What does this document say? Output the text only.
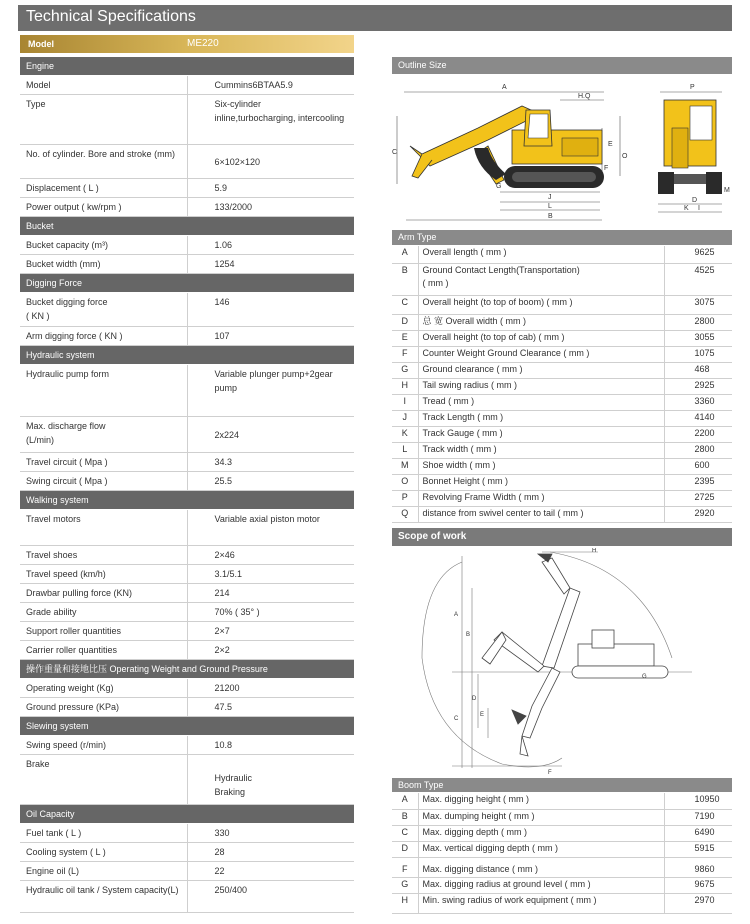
Technical Specifications
Model	ME220
Engine	
Model	Cummins6BTAA5.9
Type	Six-cylinder
inline,turbocharging, intercooling
No. of cylinder. Bore and stroke (mm)	6×102×120
Displacement ( L )	5.9
Power output ( kw/rpm )	133/2000
Bucket	
Bucket capacity (m³)	1.06
Bucket width (mm)	1254
Digging Force	
Bucket digging force
( KN )	146
Arm digging force ( KN )	107
Hydraulic system	
Hydraulic pump form	Variable plunger pump+2gear
pump
Max. discharge flow
(L/min)	2x224
Travel circuit ( Mpa )	34.3
Swing circuit ( Mpa )	25.5
Walking system	
Travel motors	Variable axial piston motor
Travel shoes	2×46
Travel speed (km/h)	3.1/5.1
Drawbar pulling force (KN)	214
Grade ability	70% ( 35° )
Support roller quantities	2×7
Carrier roller quantities	2×2
操作重量和接地比压 Operating Weight and Ground Pressure	
Operating weight (Kg)	21200
Ground pressure (KPa)	47.5
Slewing system	
Swing speed (r/min)	10.8
Brake	
Hydraulic
Braking
Oil Capacity	
Fuel tank ( L )	330
Cooling system ( L )	28
Engine oil (L)	22
Hydraulic oil tank / System capacity(L)	250/400
Outline Size
A
H.Q
C
E
O
F
G
J
L
B
P
D
K I
M
Arm Type
A	Overall length ( mm )	9625
B	Ground Contact Length(Transportation)
( mm )	4525
C	Overall height (to top of boom) ( mm )	3075
D	总 宽 Overall width ( mm )	2800
E	Overall height (to top of cab) ( mm )	3055
F	Counter Weight Ground Clearance ( mm )	1075
G	Ground clearance ( mm )	468
H	Tail swing radius ( mm )	2925
I	Tread ( mm )	3360
J	Track Length ( mm )	4140
K	Track Gauge ( mm )	2200
L	Track width ( mm )	2800
M	Shoe width ( mm )	600
O	Bonnet Height ( mm )	2395
P	Revolving Frame Width ( mm )	2725
Q	distance from swivel center to tail ( mm )	2920
Scope of work
H
A
B
C
D
E
F
G
Boom Type
A	Max. digging height ( mm )	10950
B	Max. dumping height ( mm )	7190
C	Max. digging depth ( mm )	6490
D	Max. vertical digging depth ( mm )	5915
F	Max. digging distance ( mm )	9860
G	Max. digging radius at ground level ( mm )	9675
H	Min. swing radius of work equipment ( mm )	2970
